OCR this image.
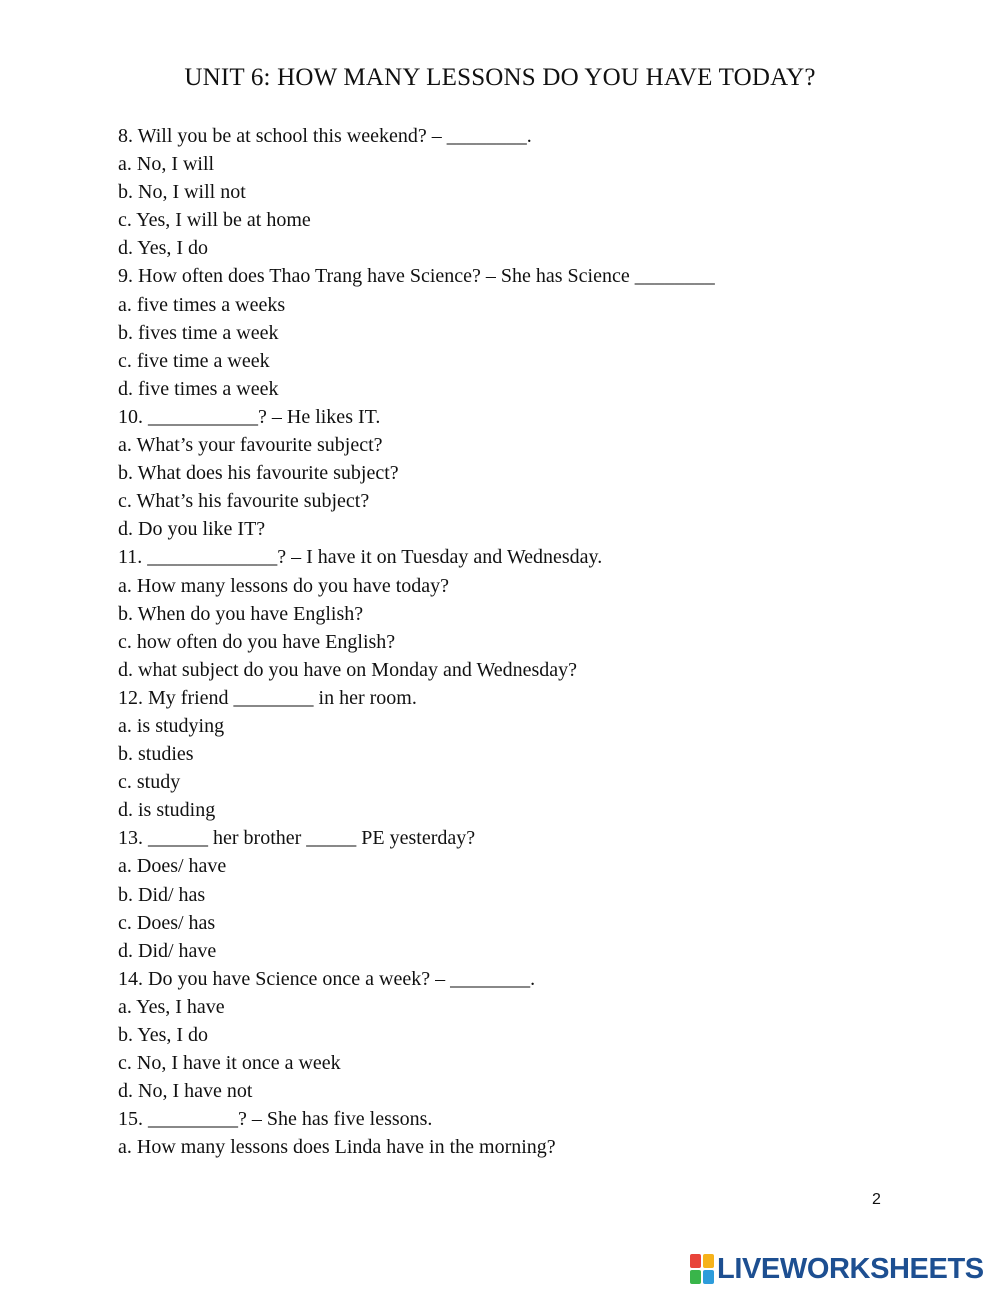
UNIT 6: HOW MANY LESSONS DO YOU HAVE TODAY?
8. Will you be at school this weekend? – ________.
a. No, I will
b. No, I will not
c. Yes, I will be at home
d. Yes, I do
9. How often does Thao Trang have Science? – She has Science ________
a. five times a weeks
b. fives time a week
c. five time a week
d. five times a week
10. ___________? – He likes IT.
a. What’s your favourite subject?
b. What does his favourite subject?
c. What’s his favourite subject?
d. Do you like IT?
11. _____________? – I have it on Tuesday and Wednesday.
a. How many lessons do you have today?
b. When do you have English?
c. how often do you have English?
d. what subject do you have on Monday and Wednesday?
12. My friend ________ in her room.
a. is studying
b. studies
c. study
d. is studing
13. ______ her brother _____ PE yesterday?
a. Does/ have
b. Did/ has
c. Does/ has
d. Did/ have
14. Do you have Science once a week? – ________.
a. Yes, I have
b. Yes, I do
c. No, I have it once a week
d. No, I have not
15. _________? – She has five lessons.
a. How many lessons does Linda have in the morning?
2
LIVEWORKSHEETS
